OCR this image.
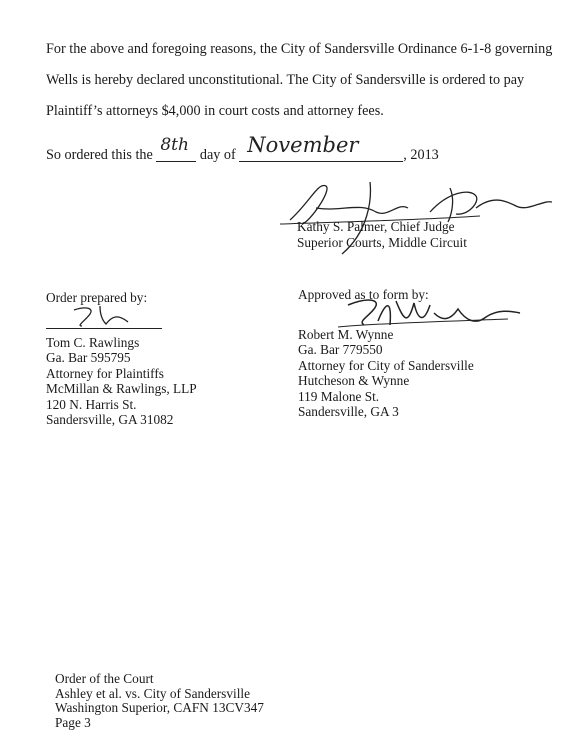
For the above and foregoing reasons, the City of Sandersville Ordinance 6-1-8 governing
Wells is hereby declared unconstitutional. The City of Sandersville is ordered to pay
Plaintiff’s attorneys $4,000 in court costs and attorney fees.

So ordered this the 8th day of November	, 2013
Kathy S. Palmer, Chief Judge
Superior Courts, Middle Circuit
Order prepared by:
Tom C. Rawlings
Ga. Bar 595795
Attorney for Plaintiffs
McMillan & Rawlings, LLP
120 N. Harris St.
Sandersville, GA 31082
Approved as to form by:
Robert M. Wynne
Ga. Bar 779550
Attorney for City of Sandersville
Hutcheson & Wynne
119 Malone St.
Sandersville, GA 3
Order of the Court
Ashley et al. vs. City of Sandersville
Washington Superior, CAFN 13CV347
Page 3
